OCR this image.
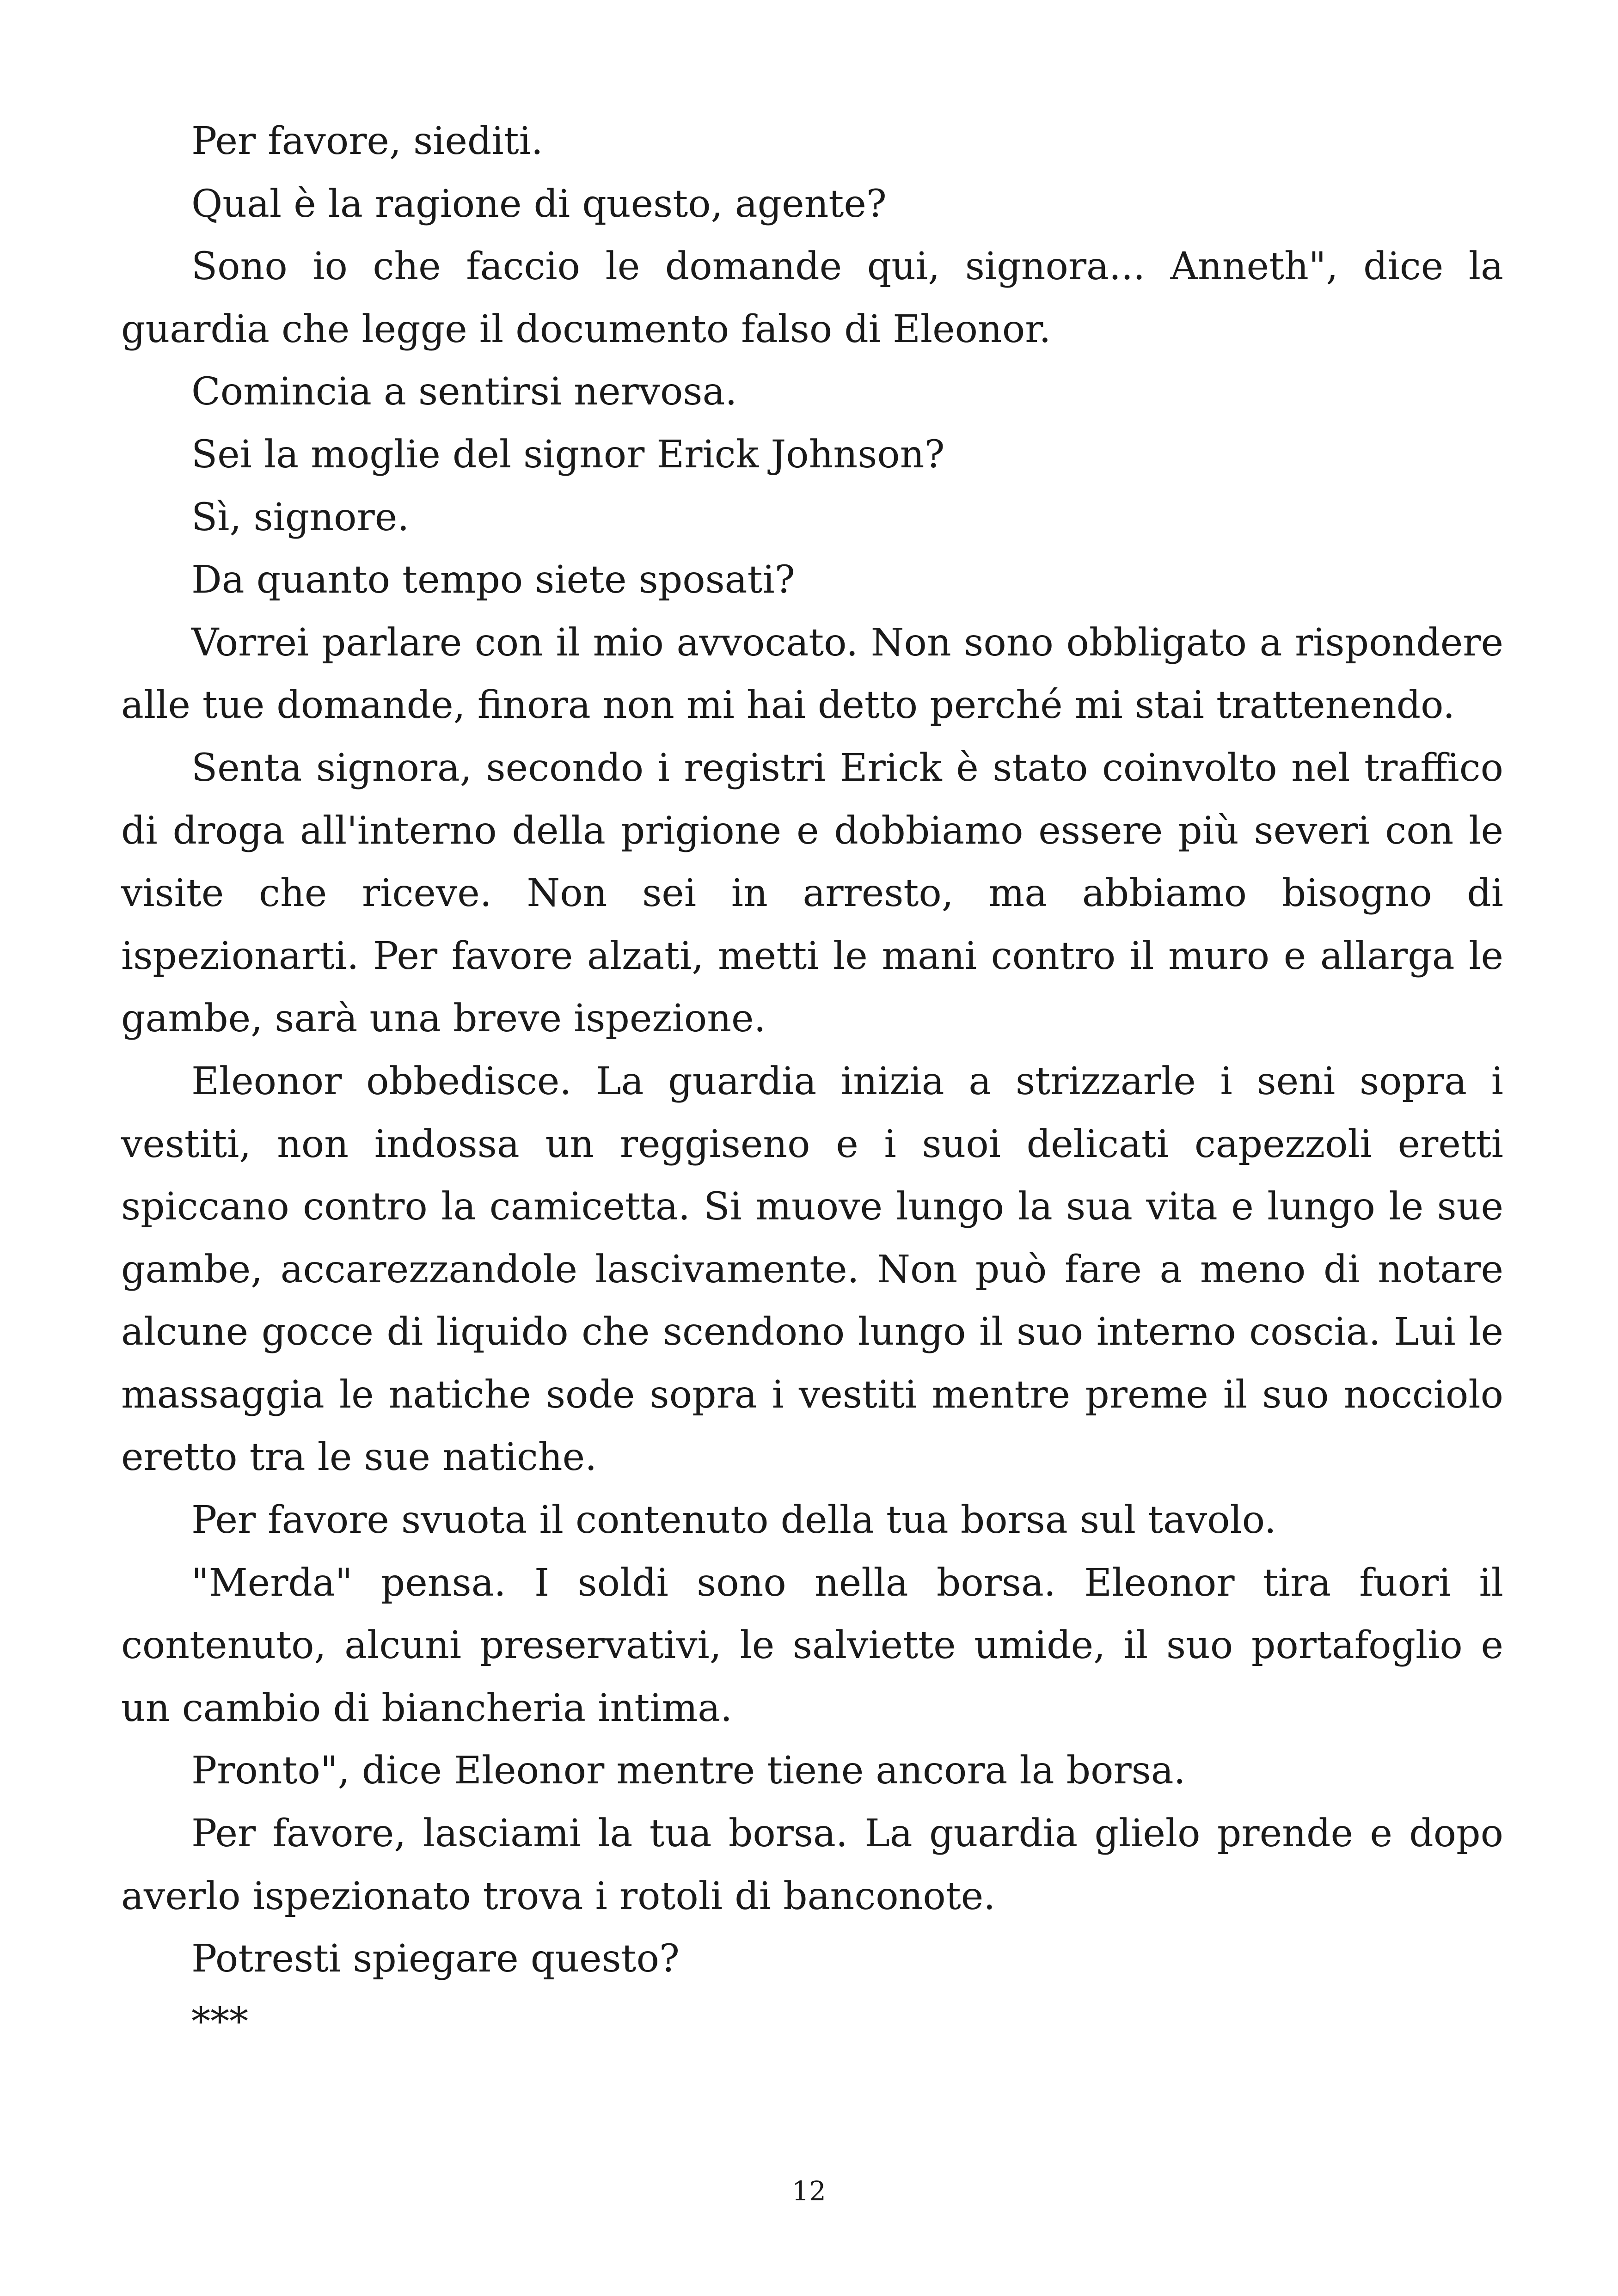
Per favore, siediti.

Qual è la ragione di questo, agente?

Sono io che faccio le domande qui, signora... Anneth", dice la guardia che legge il documento falso di Eleonor.

Comincia a sentirsi nervosa.

Sei la moglie del signor Erick Johnson?

Sì, signore.

Da quanto tempo siete sposati?

Vorrei parlare con il mio avvocato. Non sono obbligato a rispondere alle tue domande, finora non mi hai detto perché mi stai trattenendo.

Senta signora, secondo i registri Erick è stato coinvolto nel traffico di droga all'interno della prigione e dobbiamo essere più severi con le visite che riceve. Non sei in arresto, ma abbiamo bisogno di ispezionarti. Per favore alzati, metti le mani contro il muro e allarga le gambe, sarà una breve ispezione.

Eleonor obbedisce. La guardia inizia a strizzarle i seni sopra i vestiti, non indossa un reggiseno e i suoi delicati capezzoli eretti spiccano contro la camicetta. Si muove lungo la sua vita e lungo le sue gambe, accarezzandole lascivamente. Non può fare a meno di notare alcune gocce di liquido che scendono lungo il suo interno coscia. Lui le massaggia le natiche sode sopra i vestiti mentre preme il suo nocciolo eretto tra le sue natiche.

Per favore svuota il contenuto della tua borsa sul tavolo.

"Merda" pensa. I soldi sono nella borsa. Eleonor tira fuori il contenuto, alcuni preservativi, le salviette umide, il suo portafoglio e un cambio di biancheria intima.

Pronto", dice Eleonor mentre tiene ancora la borsa.

Per favore, lasciami la tua borsa. La guardia glielo prende e dopo averlo ispezionato trova i rotoli di banconote.

Potresti spiegare questo?

***

12
